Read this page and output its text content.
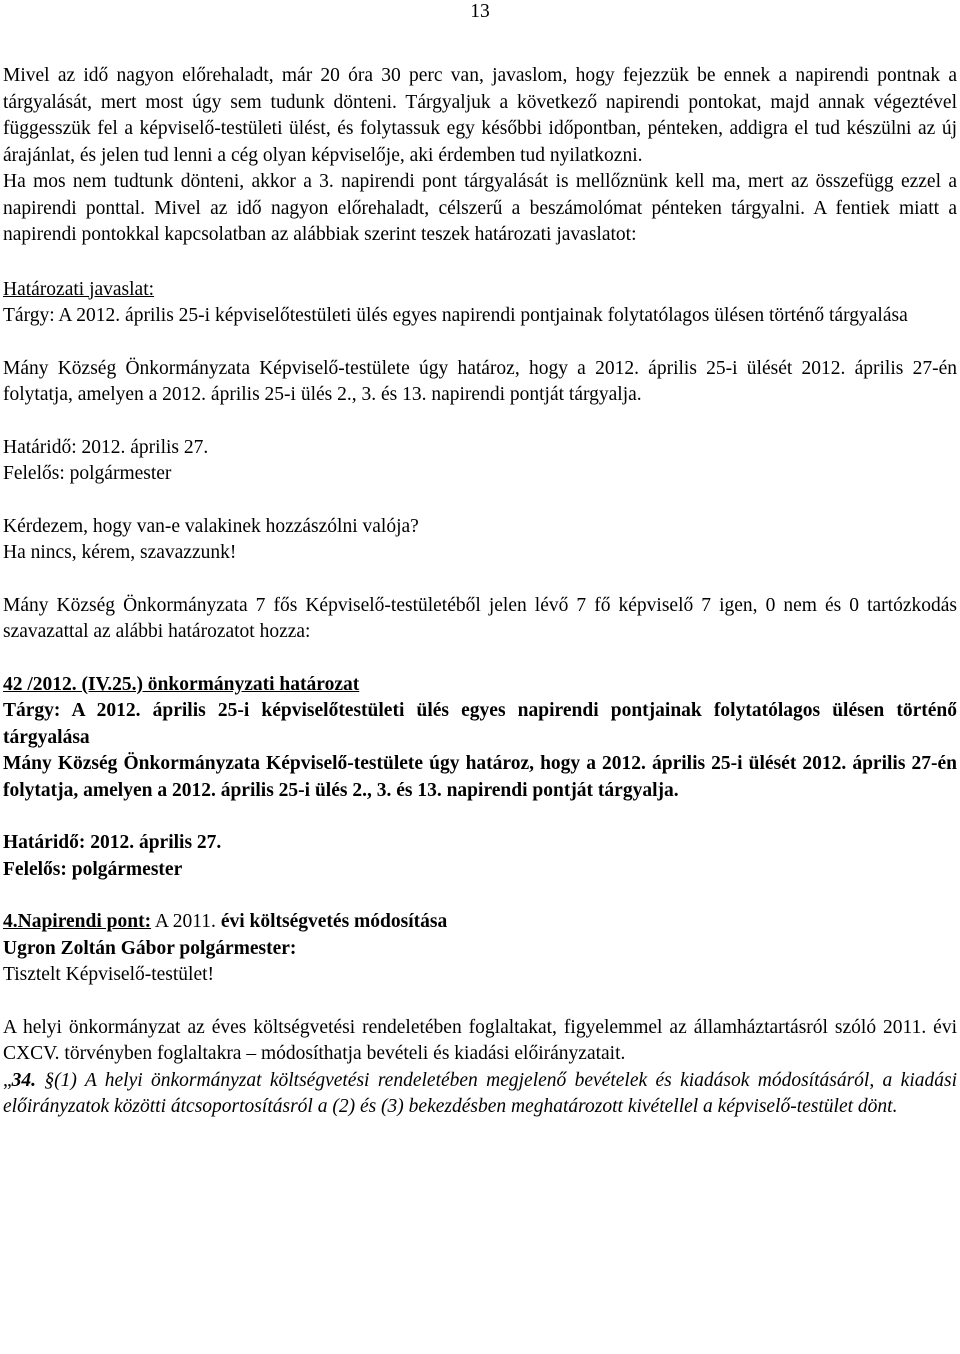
13

Mivel az idő nagyon előrehaladt, már 20 óra 30 perc van, javaslom, hogy fejezzük be ennek a napirendi pontnak a tárgyalását, mert most úgy sem tudunk dönteni. Tárgyaljuk a következő napirendi pontokat, majd annak végeztével függesszük fel a képviselő-testületi ülést, és folytassuk egy későbbi időpontban, pénteken, addigra el tud készülni az új árajánlat, és jelen tud lenni a cég olyan képviselője, aki érdemben tud nyilatkozni.

Ha mos nem tudtunk dönteni, akkor a 3. napirendi pont tárgyalását is mellőznünk kell ma, mert az összefügg ezzel a napirendi ponttal. Mivel az idő nagyon előrehaladt, célszerű a beszámolómat pénteken tárgyalni. A fentiek miatt a napirendi pontokkal kapcsolatban az alábbiak szerint teszek határozati javaslatot:

Határozati javaslat:

Tárgy: A 2012. április 25-i képviselőtestületi ülés egyes napirendi pontjainak folytatólagos ülésen történő tárgyalása

Mány Község Önkormányzata Képviselő-testülete úgy határoz, hogy a 2012. április 25-i ülését 2012. április 27-én folytatja, amelyen a 2012. április 25-i ülés 2., 3. és 13. napirendi pontját tárgyalja.

Határidő: 2012. április 27.

Felelős: polgármester

Kérdezem, hogy van-e valakinek hozzászólni valója?

Ha nincs, kérem, szavazzunk!

Mány Község Önkormányzata 7 fős Képviselő-testületéből jelen lévő 7 fő képviselő 7 igen, 0 nem és 0 tartózkodás szavazattal az alábbi határozatot hozza:

42 /2012. (IV.25.) önkormányzati határozat

Tárgy: A 2012. április 25-i képviselőtestületi ülés egyes napirendi pontjainak folytatólagos ülésen történő tárgyalása

Mány Község Önkormányzata Képviselő-testülete úgy határoz, hogy a 2012. április 25-i ülését 2012. április 27-én folytatja, amelyen a 2012. április 25-i ülés 2., 3. és 13. napirendi pontját tárgyalja.

Határidő: 2012. április 27.

Felelős: polgármester

4.Napirendi pont: A 2011. évi költségvetés módosítása

Ugron Zoltán Gábor polgármester:

Tisztelt Képviselő-testület!

A helyi önkormányzat az éves költségvetési rendeletében foglaltakat, figyelemmel az államháztartásról szóló 2011. évi CXCV. törvényben foglaltakra – módosíthatja bevételi és kiadási előirányzatait.

„34. §(1) A helyi önkormányzat költségvetési rendeletében megjelenő bevételek és kiadások módosításáról, a kiadási előirányzatok közötti átcsoportosításról a (2) és (3) bekezdésben meghatározott kivétellel a képviselő-testület dönt.
